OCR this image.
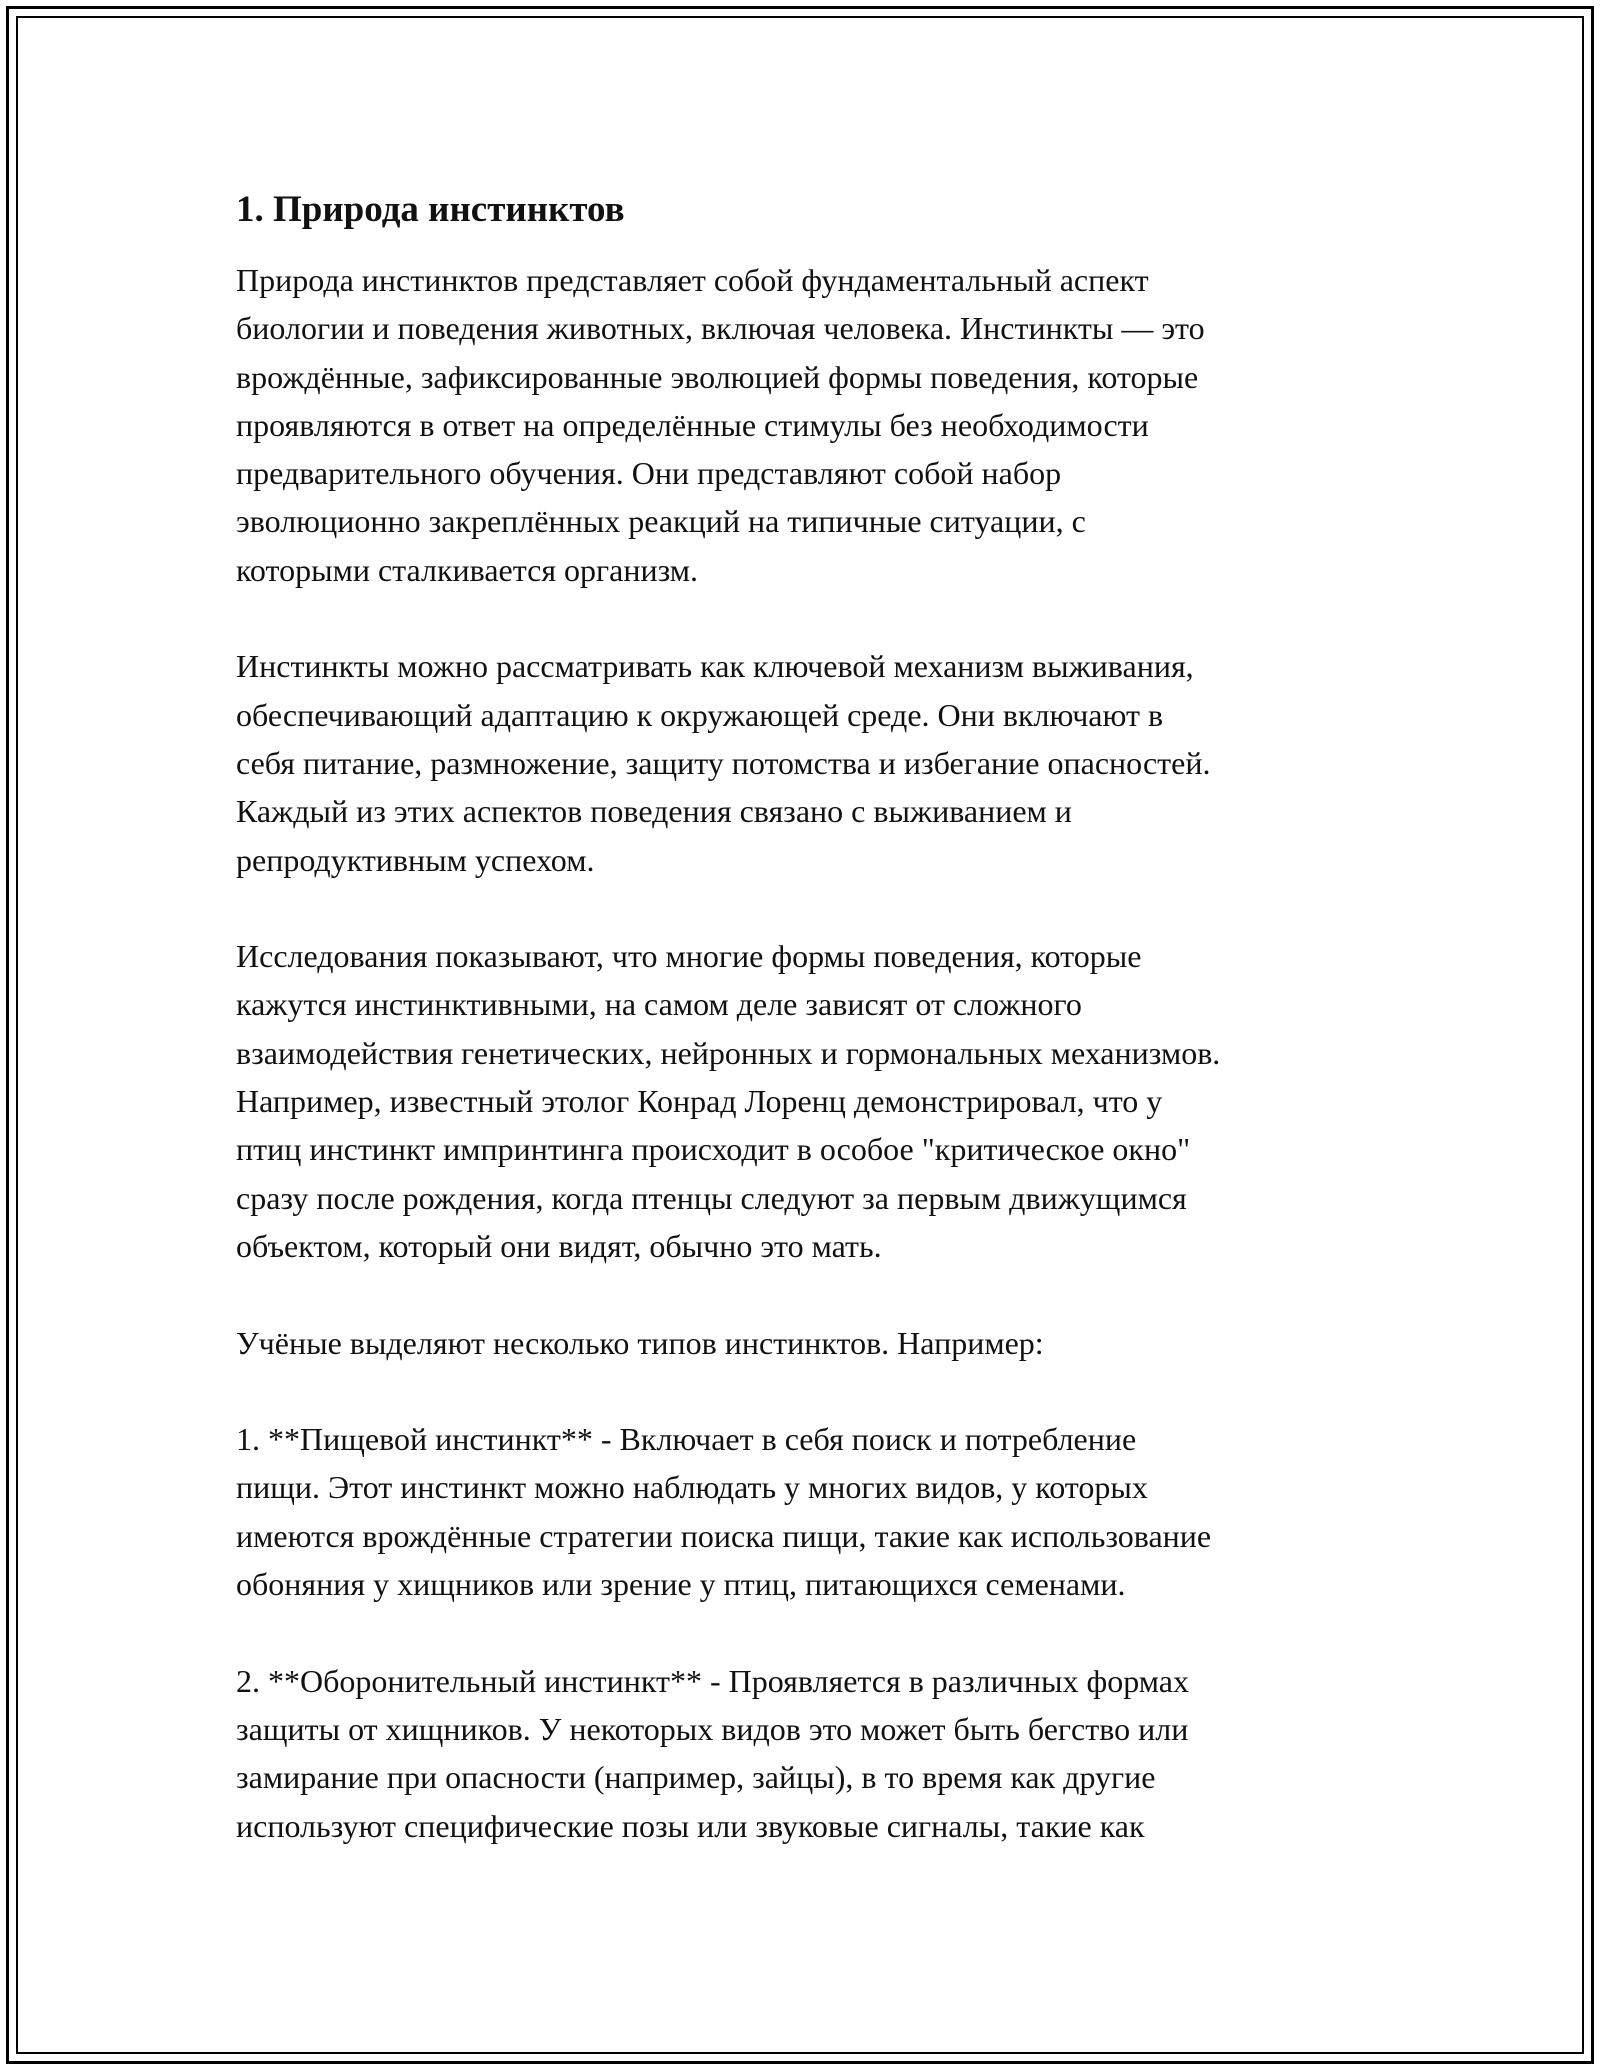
1. Природа инстинктов

Природа инстинктов представляет собой фундаментальный аспект
биологии и поведения животных, включая человека. Инстинкты — это
врождённые, зафиксированные эволюцией формы поведения, которые
проявляются в ответ на определённые стимулы без необходимости
предварительного обучения. Они представляют собой набор
эволюционно закреплённых реакций на типичные ситуации, с
которыми сталкивается организм.

Инстинкты можно рассматривать как ключевой механизм выживания,
обеспечивающий адаптацию к окружающей среде. Они включают в
себя питание, размножение, защиту потомства и избегание опасностей.
Каждый из этих аспектов поведения связано с выживанием и
репродуктивным успехом.

Исследования показывают, что многие формы поведения, которые
кажутся инстинктивными, на самом деле зависят от сложного
взаимодействия генетических, нейронных и гормональных механизмов.
Например, известный этолог Конрад Лоренц демонстрировал, что у
птиц инстинкт импринтинга происходит в особое "критическое окно"
сразу после рождения, когда птенцы следуют за первым движущимся
объектом, который они видят, обычно это мать.

Учёные выделяют несколько типов инстинктов. Например:

1. **Пищевой инстинкт** - Включает в себя поиск и потребление
пищи. Этот инстинкт можно наблюдать у многих видов, у которых
имеются врождённые стратегии поиска пищи, такие как использование
обоняния у хищников или зрение у птиц, питающихся семенами.

2. **Оборонительный инстинкт** - Проявляется в различных формах
защиты от хищников. У некоторых видов это может быть бегство или
замирание при опасности (например, зайцы), в то время как другие
используют специфические позы или звуковые сигналы, такие как
